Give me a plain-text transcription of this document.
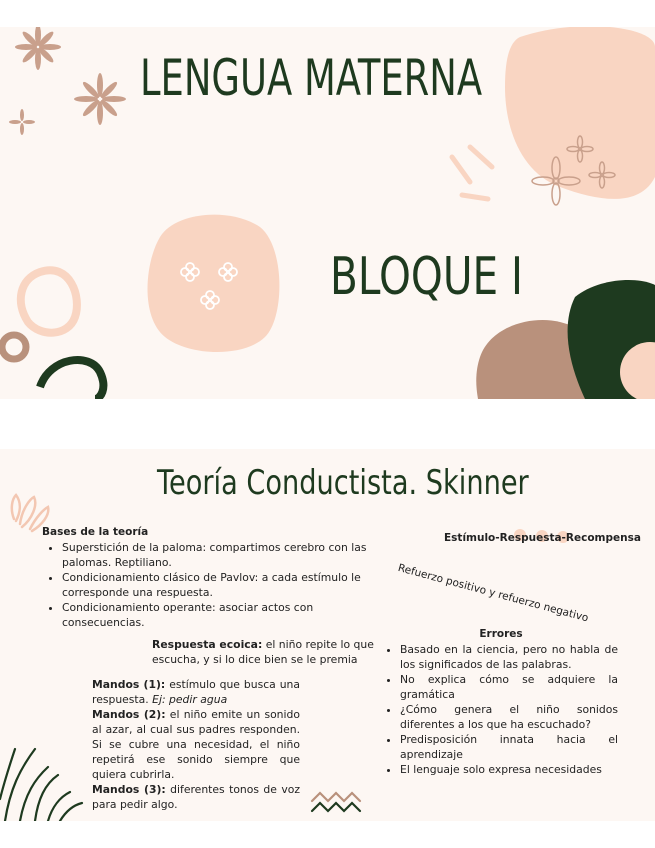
LENGUA MATERNA
BLOQUE I
Teoría Conductista. Skinner
Bases de la teoría
• Superstición de la paloma: compartimos cerebro con las palomas. Reptiliano.
• Condicionamiento clásico de Pavlov: a cada estímulo le corresponde una respuesta.
• Condicionamiento operante: asociar actos con consecuencias.
Respuesta ecoica: el niño repite lo que escucha, y si lo dice bien se le premia
Mandos (1): estímulo que busca una respuesta. Ej: pedir agua
Mandos (2): el niño emite un sonido al azar, al cual sus padres responden. Si se cubre una necesidad, el niño repetirá ese sonido siempre que quiera cubrirla.
Mandos (3): diferentes tonos de voz para pedir algo.
Estímulo-Respuesta-Recompensa
Refuerzo positivo y refuerzo negativo
Errores
• Basado en la ciencia, pero no habla de los significados de las palabras.
• No explica cómo se adquiere la gramática
• ¿Cómo genera el niño sonidos diferentes a los que ha escuchado?
• Predisposición innata hacia el aprendizaje
• El lenguaje solo expresa necesidades
